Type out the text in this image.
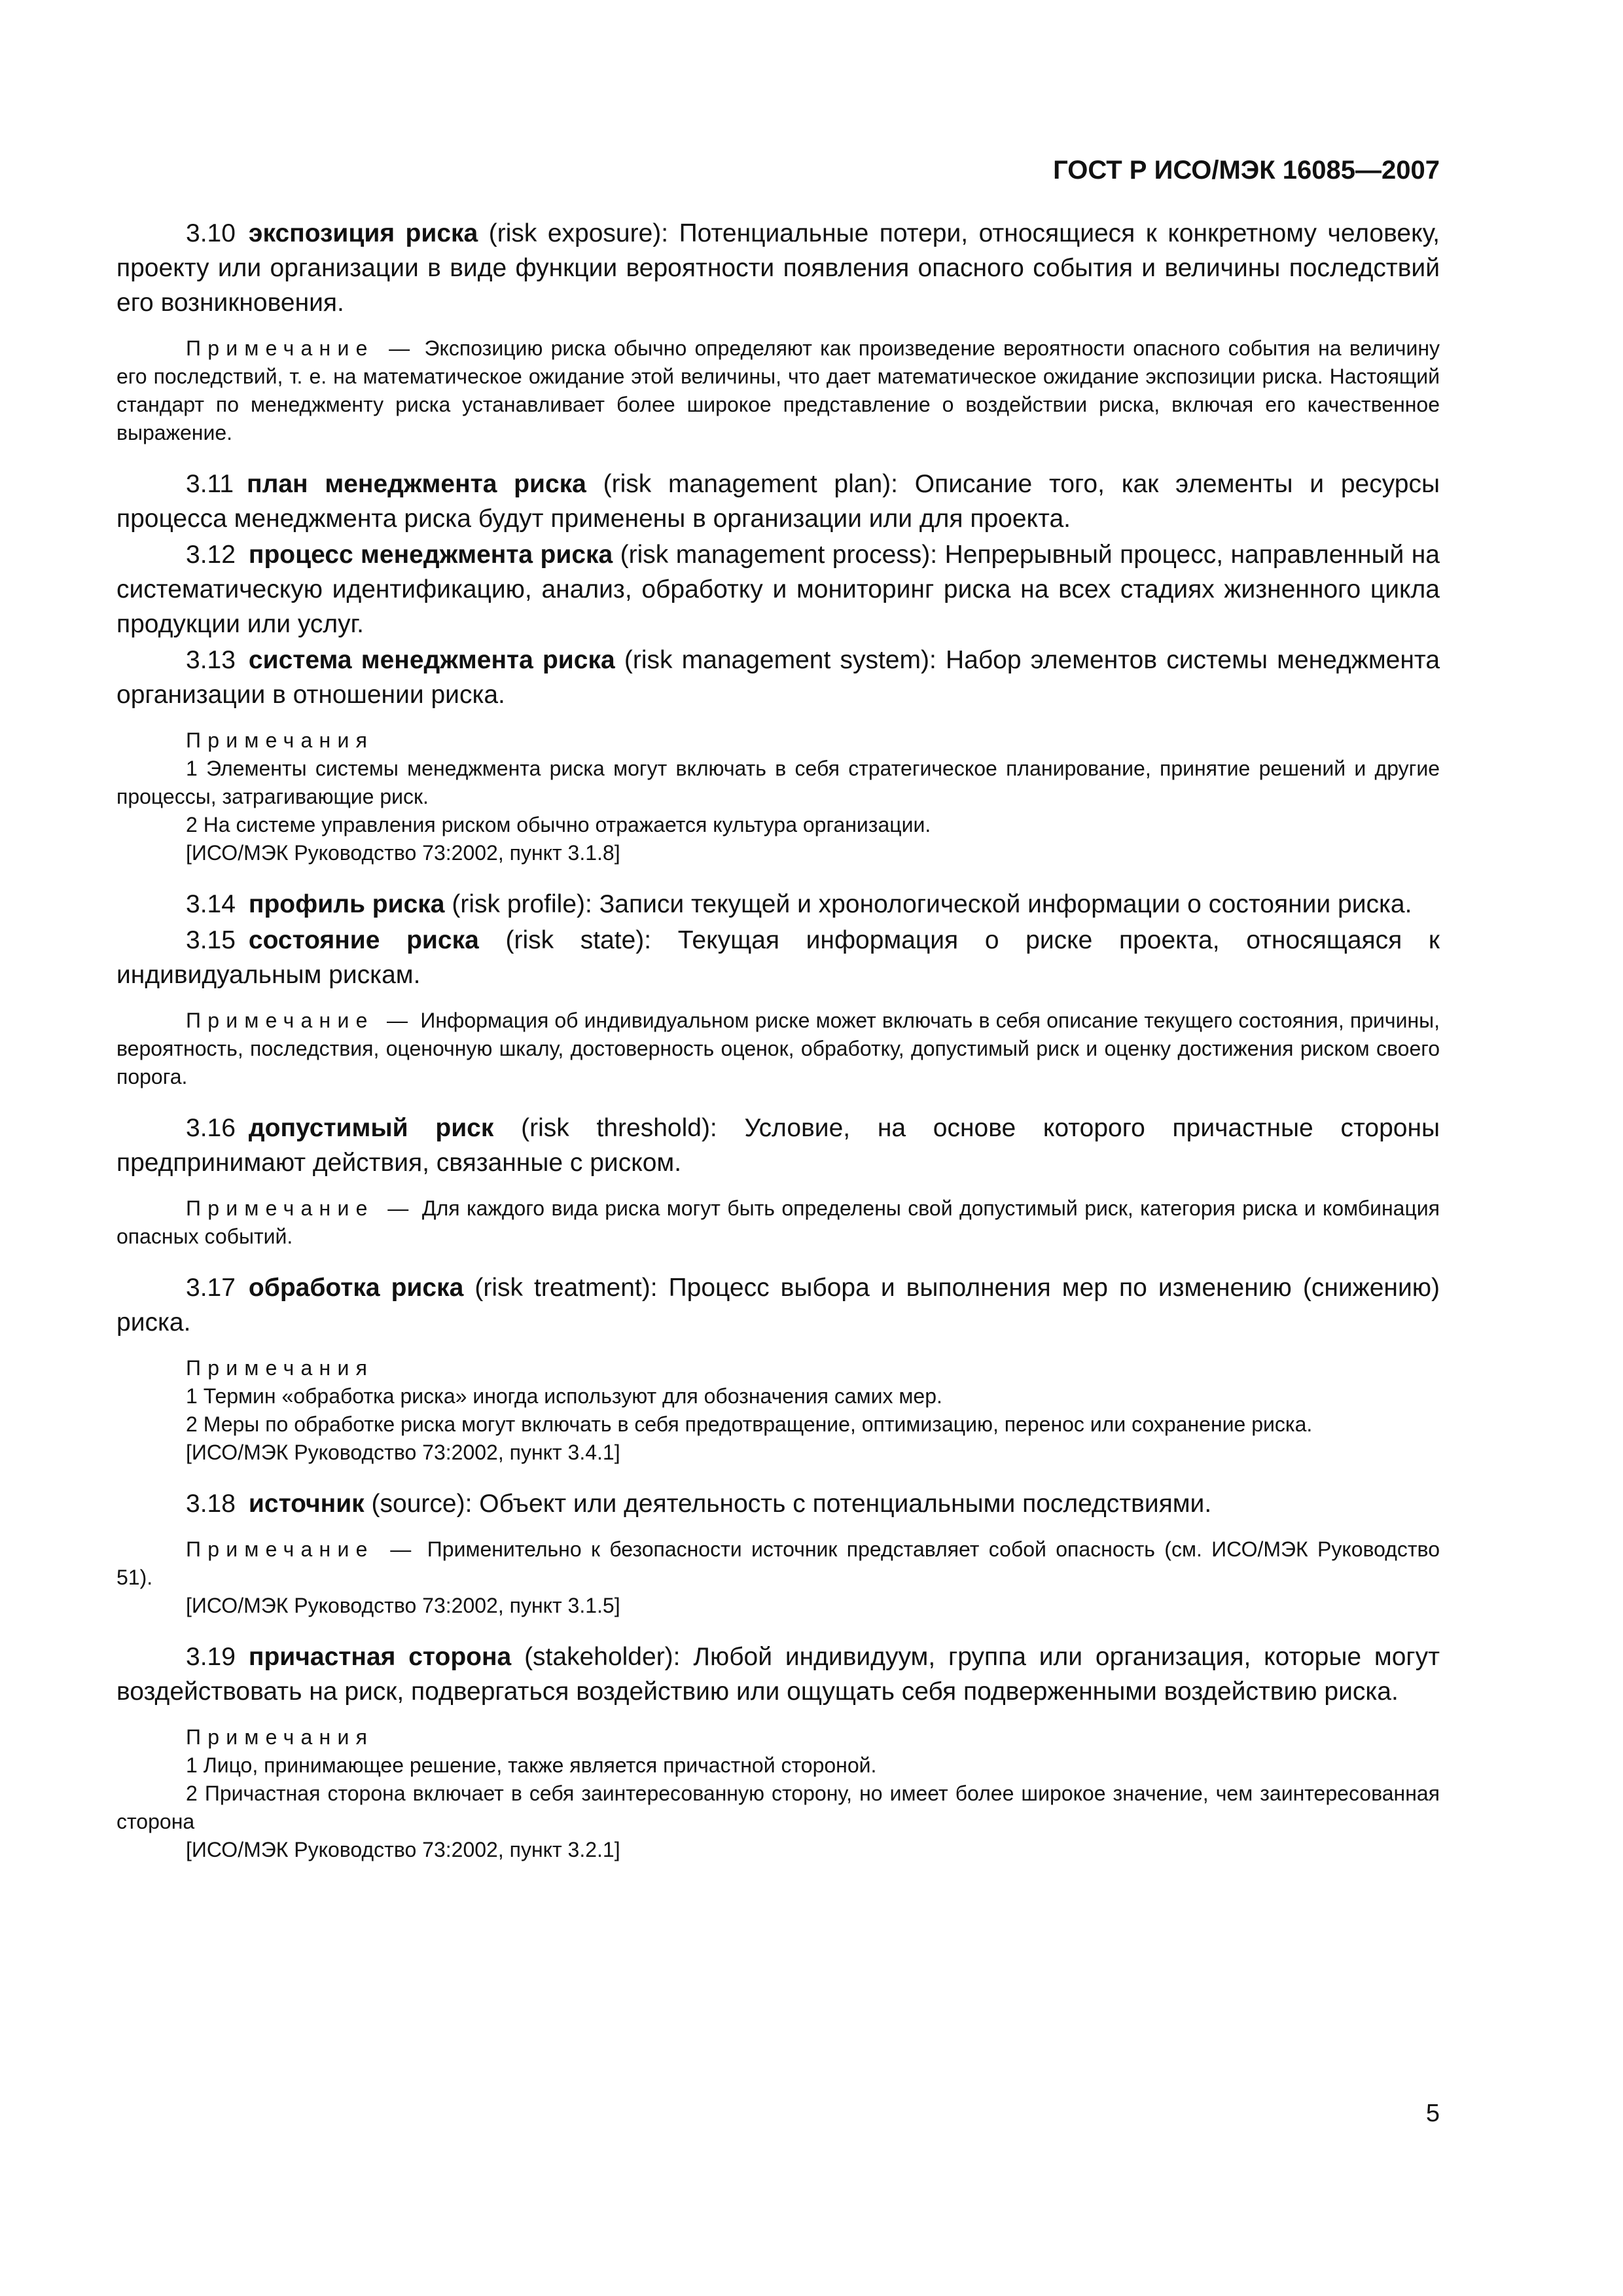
ГОСТ Р ИСО/МЭК 16085—2007

3.10 экспозиция риска (risk exposure): Потенциальные потери, относящиеся к конкретному человеку, проекту или организации в виде функции вероятности появления опасного события и величины последствий его возникновения.

Примечание — Экспозицию риска обычно определяют как произведение вероятности опасного события на величину его последствий, т. е. на математическое ожидание этой величины, что дает математическое ожидание экспозиции риска. Настоящий стандарт по менеджменту риска устанавливает более широкое представление о воздействии риска, включая его качественное выражение.

3.11 план менеджмента риска (risk management plan): Описание того, как элементы и ресурсы процесса менеджмента риска будут применены в организации или для проекта.

3.12 процесс менеджмента риска (risk management process): Непрерывный процесс, направленный на систематическую идентификацию, анализ, обработку и мониторинг риска на всех стадиях жизненного цикла продукции или услуг.

3.13 система менеджмента риска (risk management system): Набор элементов системы менеджмента организации в отношении риска.

Примечания

1 Элементы системы менеджмента риска могут включать в себя стратегическое планирование, принятие решений и другие процессы, затрагивающие риск.

2 На системе управления риском обычно отражается культура организации.

[ИСО/МЭК Руководство 73:2002, пункт 3.1.8]

3.14 профиль риска (risk profile): Записи текущей и хронологической информации о состоянии риска.

3.15 состояние риска (risk state): Текущая информация о риске проекта, относящаяся к индивидуальным рискам.

Примечание — Информация об индивидуальном риске может включать в себя описание текущего состояния, причины, вероятность, последствия, оценочную шкалу, достоверность оценок, обработку, допустимый риск и оценку достижения риском своего порога.

3.16 допустимый риск (risk threshold): Условие, на основе которого причастные стороны предпринимают действия, связанные с риском.

Примечание — Для каждого вида риска могут быть определены свой допустимый риск, категория риска и комбинация опасных событий.

3.17 обработка риска (risk treatment): Процесс выбора и выполнения мер по изменению (снижению) риска.

Примечания

1 Термин «обработка риска» иногда используют для обозначения самих мер.

2 Меры по обработке риска могут включать в себя предотвращение, оптимизацию, перенос или сохранение риска.

[ИСО/МЭК Руководство 73:2002, пункт 3.4.1]

3.18 источник (source): Объект или деятельность с потенциальными последствиями.

Примечание — Применительно к безопасности источник представляет собой опасность (см. ИСО/МЭК Руководство 51).

[ИСО/МЭК Руководство 73:2002, пункт 3.1.5]

3.19 причастная сторона (stakeholder): Любой индивидуум, группа или организация, которые могут воздействовать на риск, подвергаться воздействию или ощущать себя подверженными воздействию риска.

Примечания

1 Лицо, принимающее решение, также является причастной стороной.

2 Причастная сторона включает в себя заинтересованную сторону, но имеет более широкое значение, чем заинтересованная сторона

[ИСО/МЭК Руководство 73:2002, пункт 3.2.1]

5
